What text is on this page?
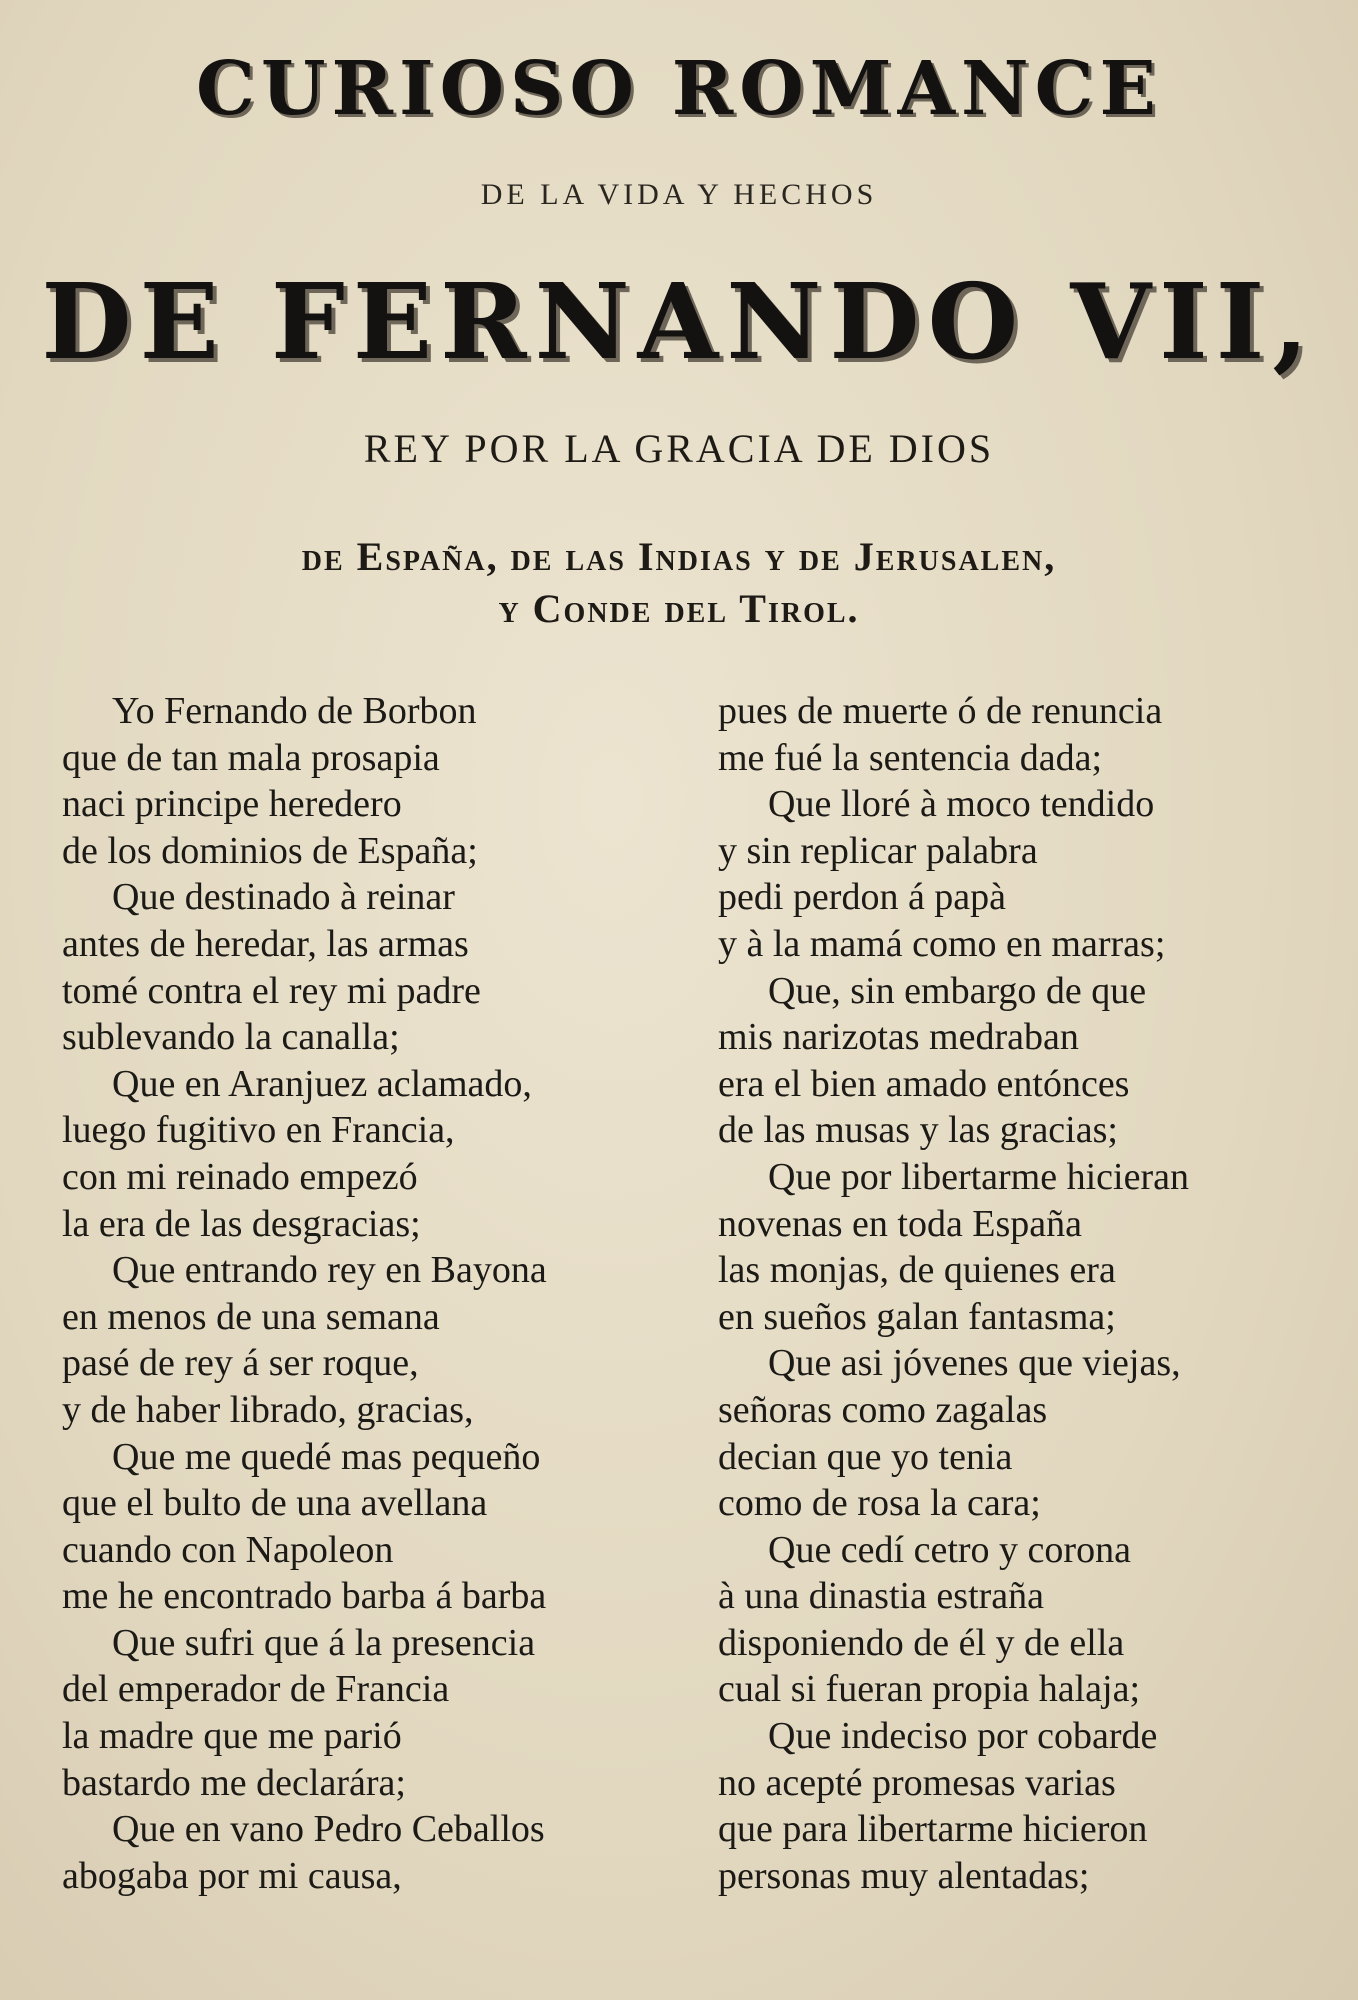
CURIOSO ROMANCE
DE LA VIDA Y HECHOS
DE FERNANDO VII,
REY POR LA GRACIA DE DIOS
de España, de las Indias y de Jerusalen,
y Conde del Tirol.
Yo Fernando de Borbon
que de tan mala prosapia
naci principe heredero
de los dominios de España;
Que destinado à reinar
antes de heredar, las armas
tomé contra el rey mi padre
sublevando la canalla;
Que en Aranjuez aclamado,
luego fugitivo en Francia,
con mi reinado empezó
la era de las desgracias;
Que entrando rey en Bayona
en menos de una semana
pasé de rey á ser roque,
y de haber librado, gracias,
Que me quedé mas pequeño
que el bulto de una avellana
cuando con Napoleon
me he encontrado barba á barba
Que sufri que á la presencia
del emperador de Francia
la madre que me parió
bastardo me declarára;
Que en vano Pedro Ceballos
abogaba por mi causa,
pues de muerte ó de renuncia
me fué la sentencia dada;
Que lloré à moco tendido
y sin replicar palabra
pedi perdon á papà
y à la mamá como en marras;
Que, sin embargo de que
mis narizotas medraban
era el bien amado entónces
de las musas y las gracias;
Que por libertarme hicieran
novenas en toda España
las monjas, de quienes era
en sueños galan fantasma;
Que asi jóvenes que viejas,
señoras como zagalas
decian que yo tenia
como de rosa la cara;
Que cedí cetro y corona
à una dinastia estraña
disponiendo de él y de ella
cual si fueran propia halaja;
Que indeciso por cobarde
no acepté promesas varias
que para libertarme hicieron
personas muy alentadas;
